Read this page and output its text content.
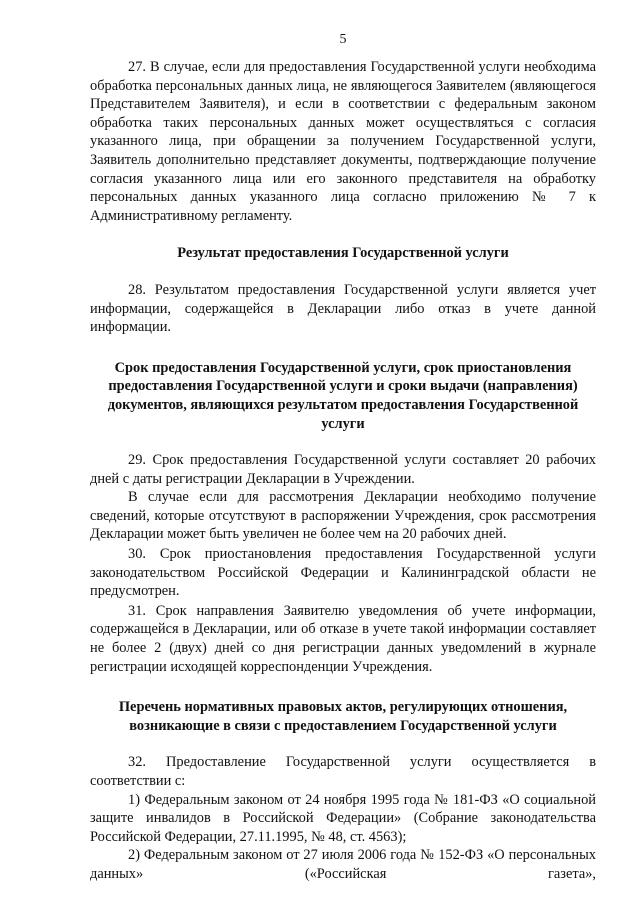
5

27. В случае, если для предоставления Государственной услуги необходима обработка персональных данных лица, не являющегося Заявителем (являющегося Представителем Заявителя), и если в соответствии с федеральным законом обработка таких персональных данных может осуществляться с согласия указанного лица, при обращении за получением Государственной услуги, Заявитель дополнительно представляет документы, подтверждающие получение согласия указанного лица или его законного представителя на обработку персональных данных указанного лица согласно приложению № 7 к Административному регламенту.

Результат предоставления Государственной услуги

28. Результатом предоставления Государственной услуги является учет информации, содержащейся в Декларации либо отказ в учете данной информации.

Срок предоставления Государственной услуги, срок приостановления предоставления Государственной услуги и сроки выдачи (направления) документов, являющихся результатом предоставления Государственной услуги

29. Срок предоставления Государственной услуги составляет 20 рабочих дней с даты регистрации Декларации в Учреждении.

В случае если для рассмотрения Декларации необходимо получение сведений, которые отсутствуют в распоряжении Учреждения, срок рассмотрения Декларации может быть увеличен не более чем на 20 рабочих дней.

30. Срок приостановления предоставления Государственной услуги законодательством Российской Федерации и Калининградской области не предусмотрен.

31. Срок направления Заявителю уведомления об учете информации, содержащейся в Декларации, или об отказе в учете такой информации составляет не более 2 (двух) дней со дня регистрации данных уведомлений в журнале регистрации исходящей корреспонденции Учреждения.

Перечень нормативных правовых актов, регулирующих отношения, возникающие в связи с предоставлением Государственной услуги

32. Предоставление Государственной услуги осуществляется в соответствии с:

1) Федеральным законом от 24 ноября 1995 года № 181-ФЗ «О социальной защите инвалидов в Российской Федерации» (Собрание законодательства Российской Федерации, 27.11.1995, № 48, ст. 4563);

2) Федеральным законом от 27 июля 2006 года № 152-ФЗ «О персональных данных» («Российская газета»,
